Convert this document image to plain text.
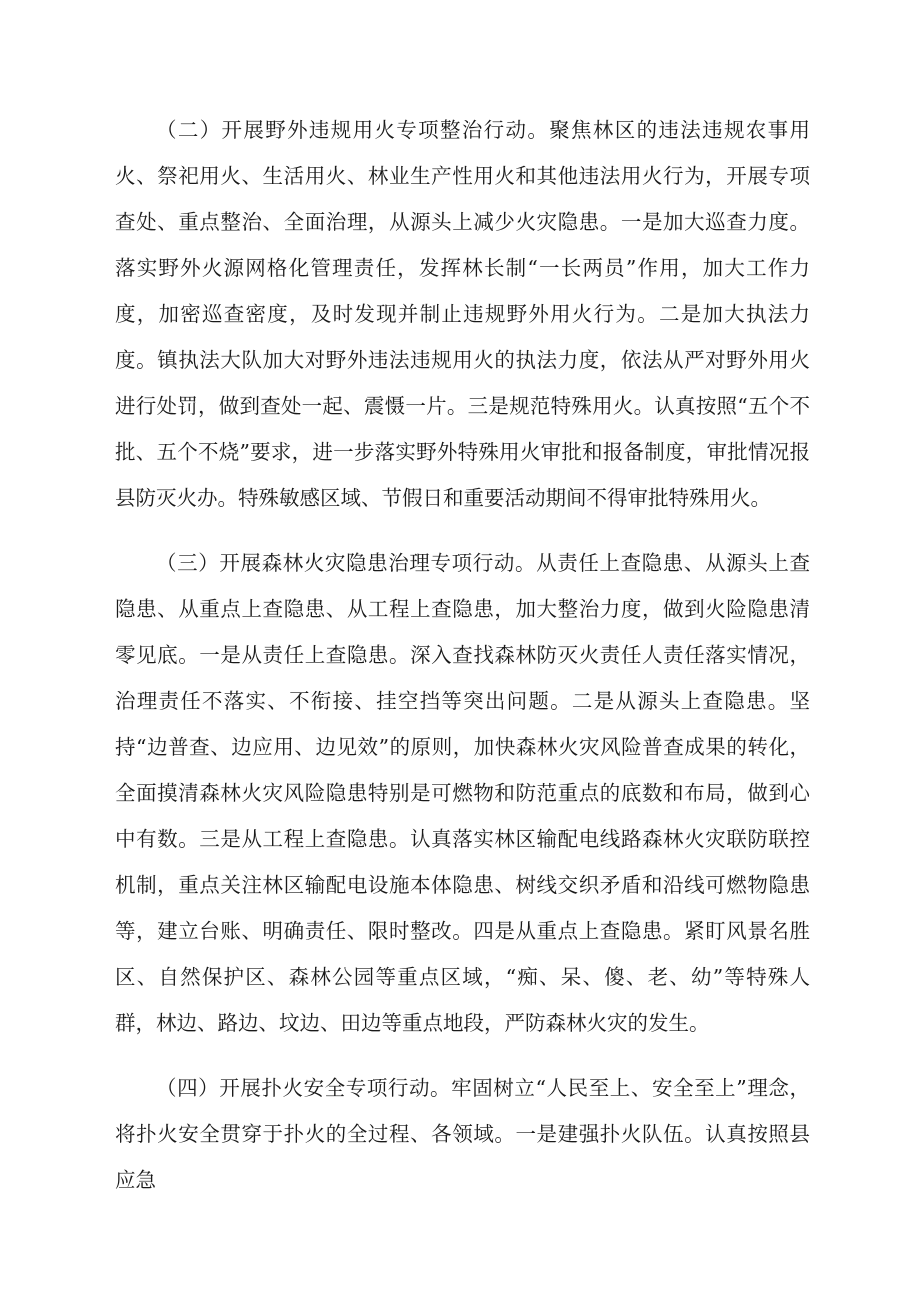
（二）开展野外违规用火专项整治行动。聚焦林区的违法违规农事用火、祭祀用火、生活用火、林业生产性用火和其他违法用火行为，开展专项查处、重点整治、全面治理，从源头上减少火灾隐患。一是加大巡查力度。落实野外火源网格化管理责任，发挥林长制“一长两员”作用，加大工作力度，加密巡查密度，及时发现并制止违规野外用火行为。二是加大执法力度。镇执法大队加大对野外违法违规用火的执法力度，依法从严对野外用火进行处罚，做到查处一起、震慑一片。三是规范特殊用火。认真按照“五个不批、五个不烧”要求，进一步落实野外特殊用火审批和报备制度，审批情况报县防灭火办。特殊敏感区域、节假日和重要活动期间不得审批特殊用火。

（三）开展森林火灾隐患治理专项行动。从责任上查隐患、从源头上查隐患、从重点上查隐患、从工程上查隐患，加大整治力度，做到火险隐患清零见底。一是从责任上查隐患。深入查找森林防灭火责任人责任落实情况，治理责任不落实、不衔接、挂空挡等突出问题。二是从源头上查隐患。坚持“边普查、边应用、边见效”的原则，加快森林火灾风险普查成果的转化，全面摸清森林火灾风险隐患特别是可燃物和防范重点的底数和布局，做到心中有数。三是从工程上查隐患。认真落实林区输配电线路森林火灾联防联控机制，重点关注林区输配电设施本体隐患、树线交织矛盾和沿线可燃物隐患等，建立台账、明确责任、限时整改。四是从重点上查隐患。紧盯风景名胜区、自然保护区、森林公园等重点区域，“痴、呆、傻、老、幼”等特殊人群，林边、路边、坟边、田边等重点地段，严防森林火灾的发生。

（四）开展扑火安全专项行动。牢固树立“人民至上、安全至上”理念，将扑火安全贯穿于扑火的全过程、各领域。一是建强扑火队伍。认真按照县应急
